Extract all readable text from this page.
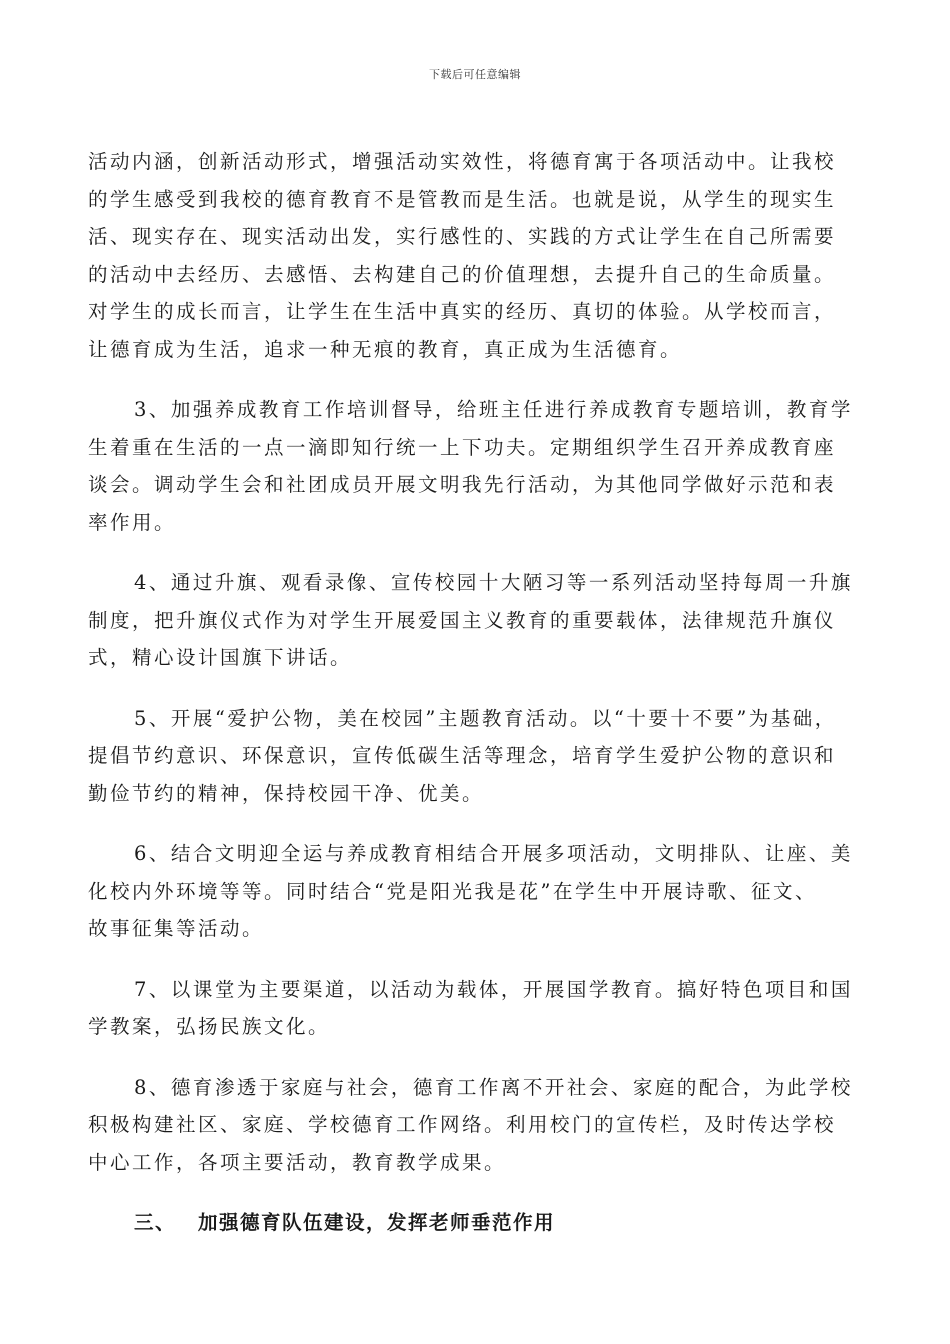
下载后可任意编辑

活动内涵，创新活动形式，增强活动实效性，将德育寓于各项活动中。让我校
的学生感受到我校的德育教育不是管教而是生活。也就是说，从学生的现实生
活、现实存在、现实活动出发，实行感性的、实践的方式让学生在自己所需要
的活动中去经历、去感悟、去构建自己的价值理想，去提升自己的生命质量。
对学生的成长而言，让学生在生活中真实的经历、真切的体验。从学校而言，
让德育成为生活，追求一种无痕的教育，真正成为生活德育。

3、加强养成教育工作培训督导，给班主任进行养成教育专题培训，教育学
生着重在生活的一点一滴即知行统一上下功夫。定期组织学生召开养成教育座
谈会。调动学生会和社团成员开展文明我先行活动，为其他同学做好示范和表
率作用。

4、通过升旗、观看录像、宣传校园十大陋习等一系列活动坚持每周一升旗
制度，把升旗仪式作为对学生开展爱国主义教育的重要载体，法律规范升旗仪
式，精心设计国旗下讲话。

5、开展“爱护公物，美在校园”主题教育活动。以“十要十不要”为基础，
提倡节约意识、环保意识，宣传低碳生活等理念，培育学生爱护公物的意识和
勤俭节约的精神，保持校园干净、优美。

6、结合文明迎全运与养成教育相结合开展多项活动，文明排队、让座、美
化校内外环境等等。同时结合“党是阳光我是花”在学生中开展诗歌、征文、
故事征集等活动。

7、以课堂为主要渠道，以活动为载体，开展国学教育。搞好特色项目和国
学教案，弘扬民族文化。

8、德育渗透于家庭与社会，德育工作离不开社会、家庭的配合，为此学校
积极构建社区、家庭、学校德育工作网络。利用校门的宣传栏，及时传达学校
中心工作，各项主要活动，教育教学成果。

三、 加强德育队伍建设，发挥老师垂范作用
